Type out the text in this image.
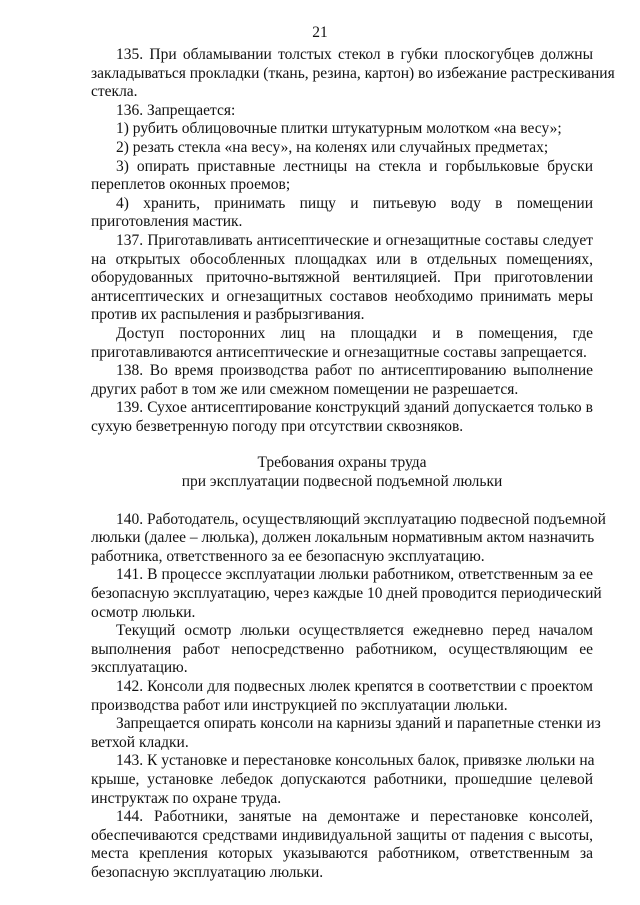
21
135. При обламывании толстых стекол в губки плоскогубцев должны
закладываться прокладки (ткань, резина, картон) во избежание растрескивания
стекла.
136. Запрещается:
1) рубить облицовочные плитки штукатурным молотком «на весу»;
2) резать стекла «на весу», на коленях или случайных предметах;
3) опирать приставные лестницы на стекла и горбыльковые бруски
переплетов оконных проемов;
4) хранить, принимать пищу и питьевую воду в помещении
приготовления мастик.
137. Приготавливать антисептические и огнезащитные составы следует
на открытых обособленных площадках или в отдельных помещениях,
оборудованных приточно-вытяжной вентиляцией. При приготовлении
антисептических и огнезащитных составов необходимо принимать меры
против их распыления и разбрызгивания.
Доступ посторонних лиц на площадки и в помещения, где
приготавливаются антисептические и огнезащитные составы запрещается.
138. Во время производства работ по антисептированию выполнение
других работ в том же или смежном помещении не разрешается.
139. Сухое антисептирование конструкций зданий допускается только в
сухую безветренную погоду при отсутствии сквозняков.
Требования охраны труда
при эксплуатации подвесной подъемной люльки
140. Работодатель, осуществляющий эксплуатацию подвесной подъемной
люльки (далее – люлька), должен локальным нормативным актом назначить
работника, ответственного за ее безопасную эксплуатацию.
141. В процессе эксплуатации люльки работником, ответственным за ее
безопасную эксплуатацию, через каждые 10 дней проводится периодический
осмотр люльки.
Текущий осмотр люльки осуществляется ежедневно перед началом
выполнения работ непосредственно работником, осуществляющим ее
эксплуатацию.
142. Консоли для подвесных люлек крепятся в соответствии с проектом
производства работ или инструкцией по эксплуатации люльки.
Запрещается опирать консоли на карнизы зданий и парапетные стенки из
ветхой кладки.
143. К установке и перестановке консольных балок, привязке люльки на
крыше, установке лебедок допускаются работники, прошедшие целевой
инструктаж по охране труда.
144. Работники, занятые на демонтаже и перестановке консолей,
обеспечиваются средствами индивидуальной защиты от падения с высоты,
места крепления которых указываются работником, ответственным за
безопасную эксплуатацию люльки.
